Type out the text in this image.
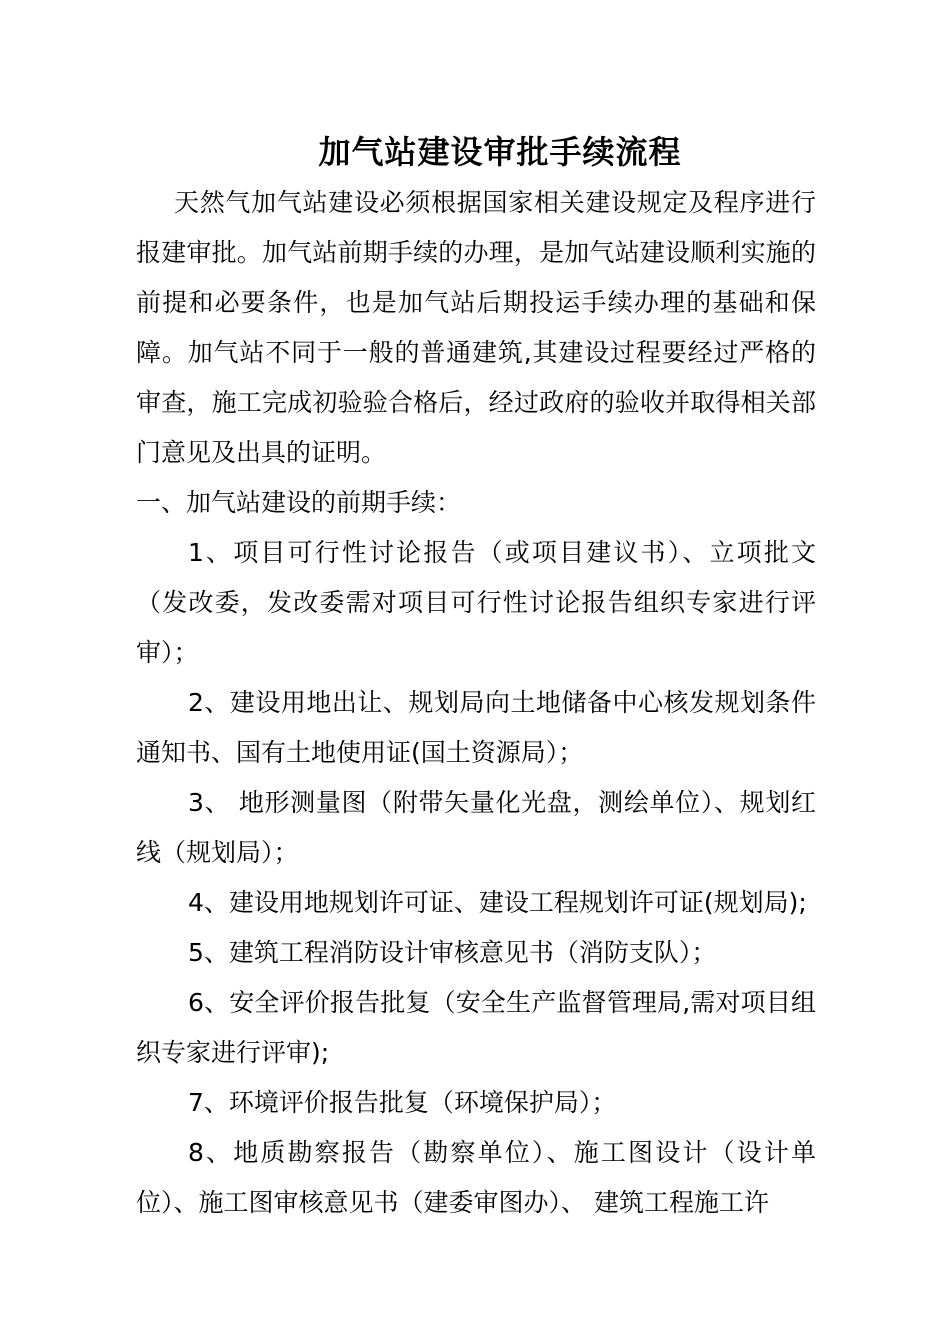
加气站建设审批手续流程

天然气加气站建设必须根据国家相关建设规定及程序进行报建审批。加气站前期手续的办理，是加气站建设顺利实施的前提和必要条件，也是加气站后期投运手续办理的基础和保障。加气站不同于一般的普通建筑,其建设过程要经过严格的审查，施工完成初验验合格后，经过政府的验收并取得相关部门意见及出具的证明。

一、加气站建设的前期手续：

1、项目可行性讨论报告（或项目建议书）、立项批文（发改委，发改委需对项目可行性讨论报告组织专家进行评审）；

2、建设用地出让、规划局向土地储备中心核发规划条件通知书、国有土地使用证(国土资源局）；

3、 地形测量图（附带矢量化光盘，测绘单位）、规划红线（规划局）；

4、建设用地规划许可证、建设工程规划许可证(规划局);

5、建筑工程消防设计审核意见书（消防支队）；

6、安全评价报告批复（安全生产监督管理局,需对项目组织专家进行评审);

7、环境评价报告批复（环境保护局）；

8、地质勘察报告（勘察单位）、施工图设计（设计单位）、施工图审核意见书（建委审图办）、 建筑工程施工许
